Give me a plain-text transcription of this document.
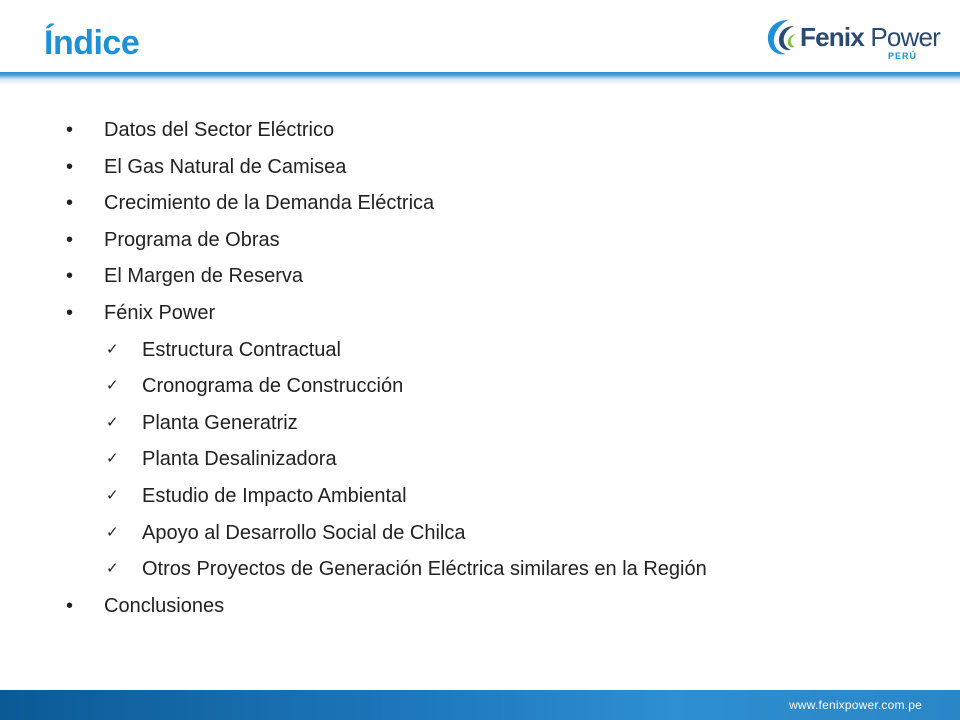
Índice	Fenix Power
PERÚ
• Datos del Sector Eléctrico
• El Gas Natural de Camisea
• Crecimiento de la Demanda Eléctrica
• Programa de Obras
• El Margen de Reserva
• Fénix Power
✓ Estructura Contractual
✓ Cronograma de Construcción
✓ Planta Generatriz
✓ Planta Desalinizadora
✓ Estudio de Impacto Ambiental
✓ Apoyo al Desarrollo Social de Chilca
✓ Otros Proyectos de Generación Eléctrica similares en la Región
• Conclusiones
www.fenixpower.com.pe
